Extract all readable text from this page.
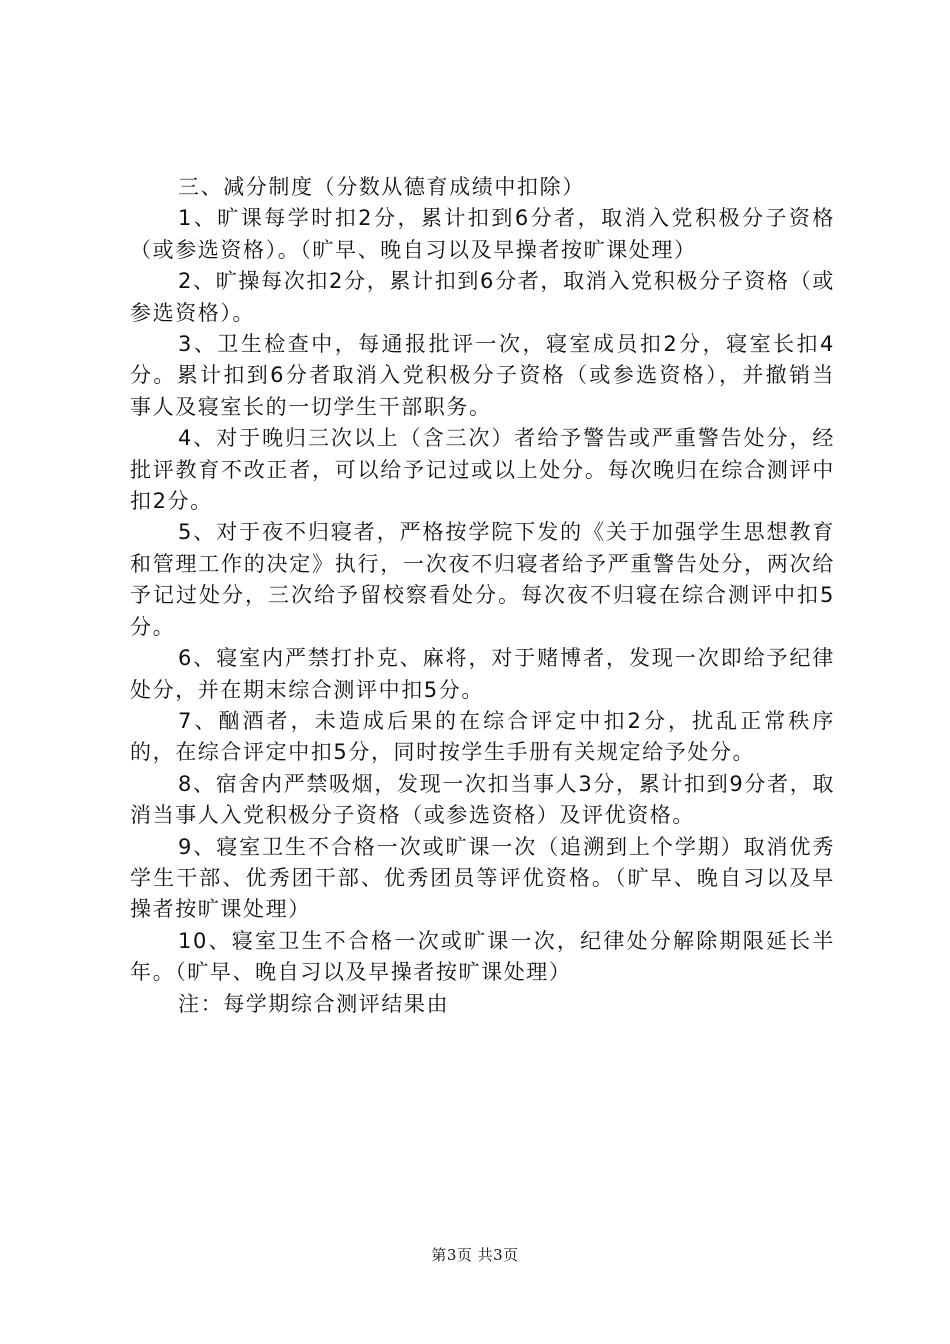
三、减分制度（分数从德育成绩中扣除）

1、旷课每学时扣2分，累计扣到6分者，取消入党积极分子资格（或参选资格）。（旷早、晚自习以及早操者按旷课处理）

2、旷操每次扣2分，累计扣到6分者，取消入党积极分子资格（或参选资格）。

3、卫生检查中，每通报批评一次，寝室成员扣2分，寝室长扣4分。累计扣到6分者取消入党积极分子资格（或参选资格），并撤销当事人及寝室长的一切学生干部职务。

4、对于晚归三次以上（含三次）者给予警告或严重警告处分，经批评教育不改正者，可以给予记过或以上处分。每次晚归在综合测评中扣2分。

5、对于夜不归寝者，严格按学院下发的《关于加强学生思想教育和管理工作的决定》执行，一次夜不归寝者给予严重警告处分，两次给予记过处分，三次给予留校察看处分。每次夜不归寝在综合测评中扣5分。

6、寝室内严禁打扑克、麻将，对于赌博者，发现一次即给予纪律处分，并在期末综合测评中扣5分。

7、酗酒者，未造成后果的在综合评定中扣2分，扰乱正常秩序的，在综合评定中扣5分，同时按学生手册有关规定给予处分。

8、宿舍内严禁吸烟，发现一次扣当事人3分，累计扣到9分者，取消当事人入党积极分子资格（或参选资格）及评优资格。

9、寝室卫生不合格一次或旷课一次（追溯到上个学期）取消优秀学生干部、优秀团干部、优秀团员等评优资格。（旷早、晚自习以及早操者按旷课处理）

10、寝室卫生不合格一次或旷课一次，纪律处分解除期限延长半年。（旷早、晚自习以及早操者按旷课处理）

注：每学期综合测评结果由

第3页 共3页
